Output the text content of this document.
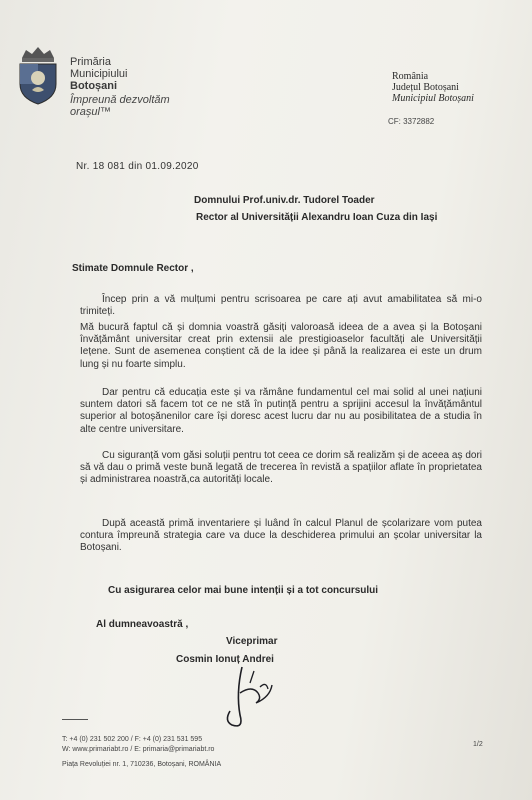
Primăria
Municipiului
Botoșani
Împreună dezvoltăm
orașul™
România
Județul Botoșani
Municipiul Botoșani
CF: 3372882
Nr. 18 081 din 01.09.2020
Domnului Prof.univ.dr. Tudorel Toader
Rector al Universității Alexandru Ioan Cuza din Iași
Stimate Domnule Rector ,

Încep prin a vă mulțumi pentru scrisoarea pe care ați avut amabilitatea să mi-o trimiteți.

Mă bucură faptul că și domnia voastră găsiți valoroasă ideea de a avea și la Botoșani învățământ universitar creat prin extensii ale prestigioaselor facultăți ale Universității Iețene. Sunt de asemenea conștient că de la idee și până la realizarea ei este un drum lung și nu foarte simplu.

Dar pentru că educația este și va rămâne fundamentul cel mai solid al unei națiuni suntem datori să facem tot ce ne stă în putință pentru a sprijini accesul la învățământul superior al botoșănenilor care își doresc acest lucru dar nu au posibilitatea de a studia în alte centre universitare.

Cu siguranță vom găsi soluții pentru tot ceea ce dorim să realizăm și de aceea aș dori să vă dau o primă veste bună legată de trecerea în revistă a spațiilor aflate în proprietatea și administrarea noastră,ca autorități locale.

După această primă inventariere și luând în calcul Planul de școlarizare vom putea contura împreună strategia care va duce la deschiderea primului an școlar universitar la Botoșani.

Cu asigurarea celor mai bune intenții și a tot concursului
Al dumneavoastră ,
Viceprimar
Cosmin Ionuț Andrei
T: +4 (0) 231 502 200 / F: +4 (0) 231 531 595
W: www.primariabt.ro / E: primaria@primariabt.ro
Piața Revoluției nr. 1, 710236, Botoșani, ROMÂNIA
1/2
